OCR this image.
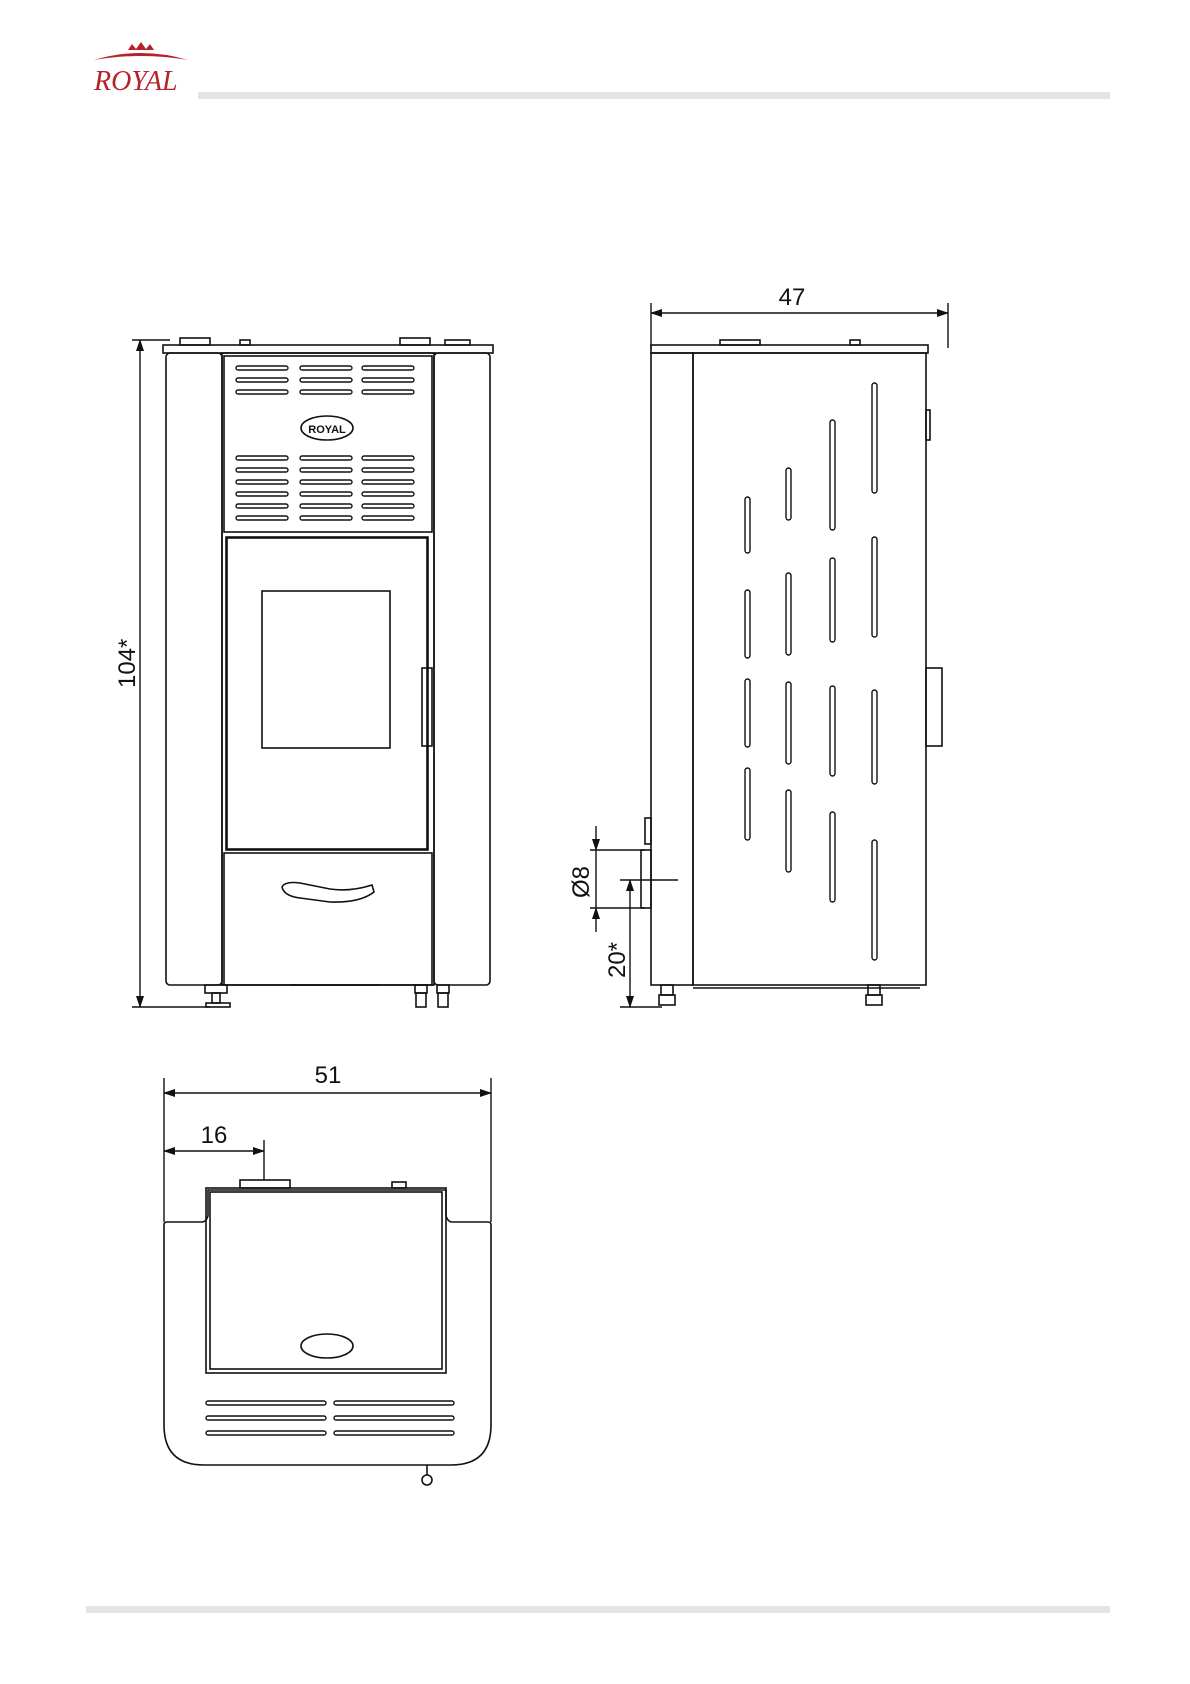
ROYAL
ROYAL
104*
47
Ø8
20*
51
16
